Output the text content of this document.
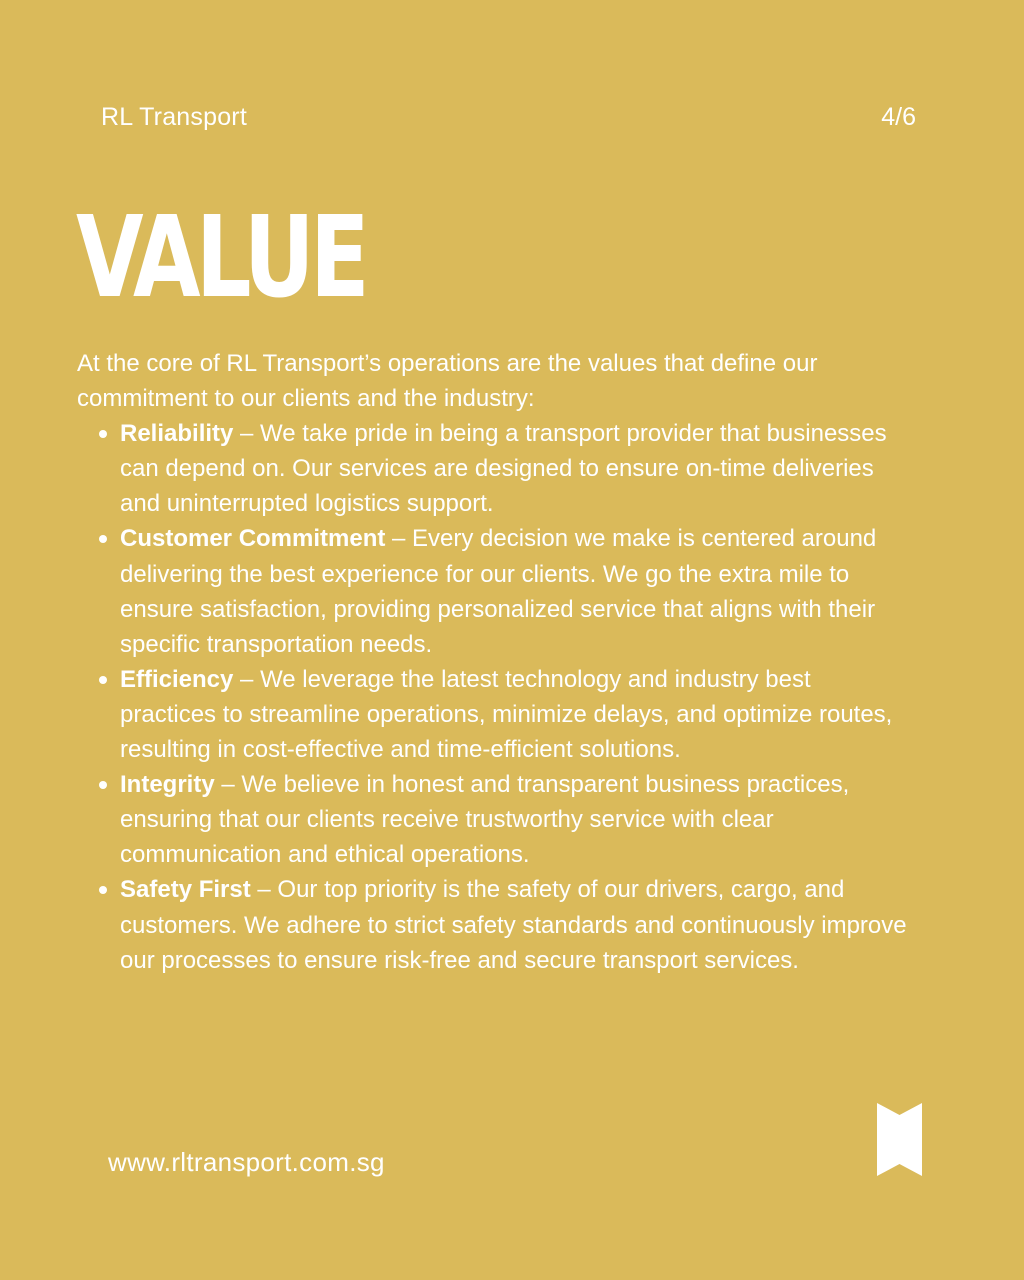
RL Transport	4/6
VALUE

At the core of RL Transport’s operations are the values that define our commitment to our clients and the industry:

Reliability – We take pride in being a transport provider that businesses can depend on. Our services are designed to ensure on-time deliveries and uninterrupted logistics support.
Customer Commitment – Every decision we make is centered around delivering the best experience for our clients. We go the extra mile to ensure satisfaction, providing personalized service that aligns with their specific transportation needs.
Efficiency – We leverage the latest technology and industry best practices to streamline operations, minimize delays, and optimize routes, resulting in cost-effective and time-efficient solutions.
Integrity – We believe in honest and transparent business practices, ensuring that our clients receive trustworthy service with clear communication and ethical operations.
Safety First – Our top priority is the safety of our drivers, cargo, and customers. We adhere to strict safety standards and continuously improve our processes to ensure risk-free and secure transport services.
www.rltransport.com.sg
